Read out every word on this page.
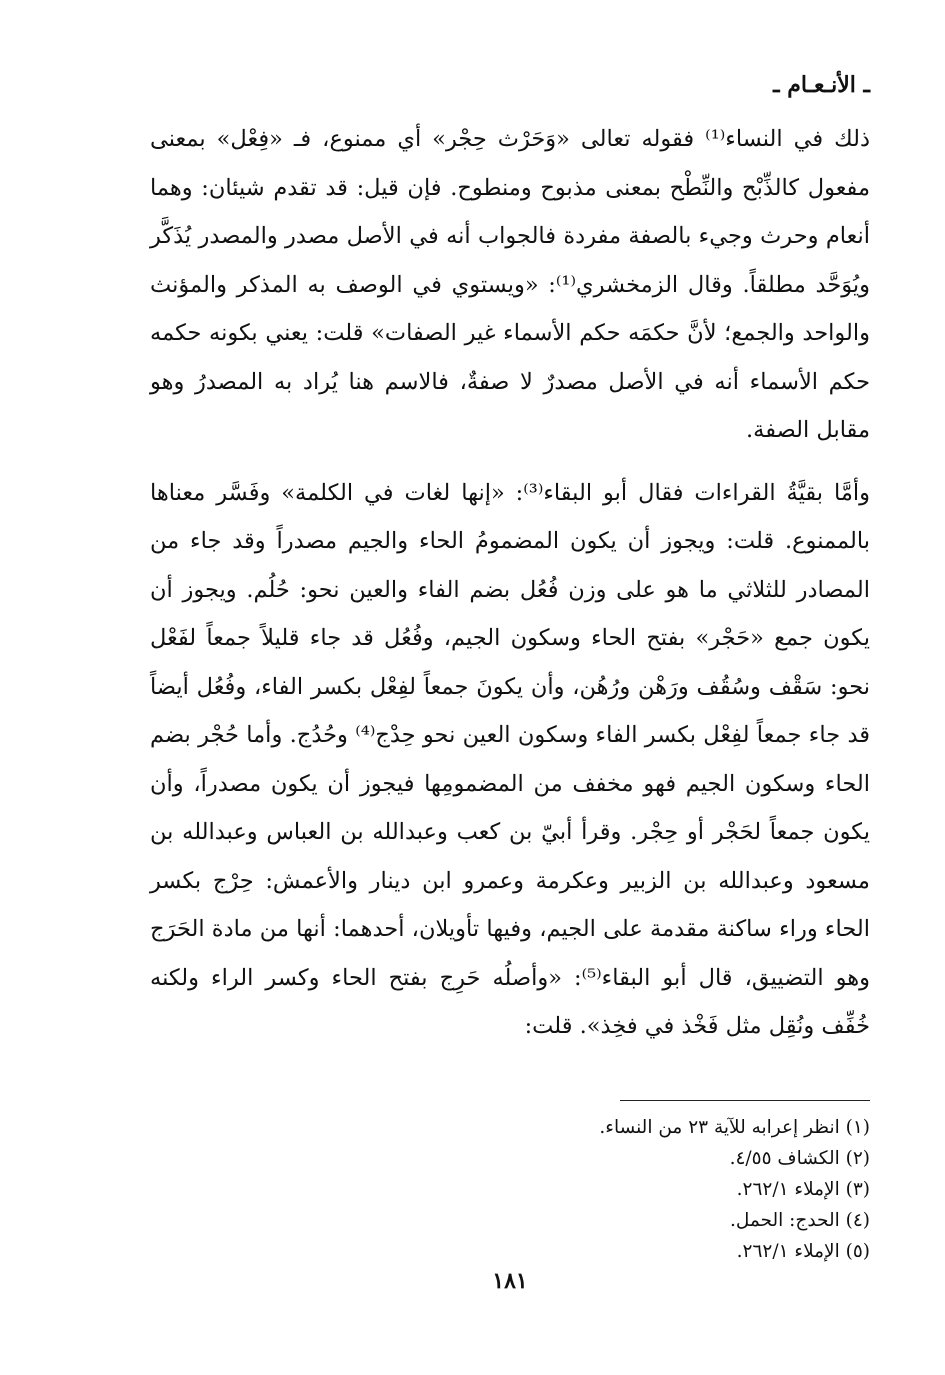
ـ الأنـعـام ـ

ذلك في النساء⁽¹⁾ فقوله تعالى «وَحَرْث حِجْر» أي ممنوع، فـ «فِعْل» بمعنى مفعول كالذِّبْح والنِّطْح بمعنى مذبوح ومنطوح. فإن قيل: قد تقدم شيئان: وهما أنعام وحرث وجيء بالصفة مفردة فالجواب أنه في الأصل مصدر والمصدر يُذَكَّر ويُوَحَّد مطلقاً. وقال الزمخشري⁽¹⁾: «ويستوي في الوصف به المذكر والمؤنث والواحد والجمع؛ لأنَّ حكمَه حكم الأسماء غير الصفات» قلت: يعني بكونه حكمه حكم الأسماء أنه في الأصل مصدرٌ لا صفةٌ، فالاسم هنا يُراد به المصدرُ وهو مقابل الصفة.

وأمَّا بقيَّةُ القراءات فقال أبو البقاء⁽³⁾: «إنها لغات في الكلمة» وفَسَّر معناها بالممنوع. قلت: ويجوز أن يكون المضمومُ الحاء والجيم مصدراً وقد جاء من المصادر للثلاثي ما هو على وزن فُعُل بضم الفاء والعين نحو: حُلُم. ويجوز أن يكون جمع «حَجْر» بفتح الحاء وسكون الجيم، وفُعُل قد جاء قليلاً جمعاً لفَعْل نحو: سَقْف وسُقُف ورَهْن ورُهُن، وأن يكونَ جمعاً لفِعْل بكسر الفاء، وفُعُل أيضاً قد جاء جمعاً لفِعْل بكسر الفاء وسكون العين نحو حِدْج⁽⁴⁾ وحُدُج. وأما حُجْر بضم الحاء وسكون الجيم فهو مخفف من المضمومِها فيجوز أن يكون مصدراً، وأن يكون جمعاً لحَجْر أو حِجْر. وقرأ أبيّ بن كعب وعبدالله بن العباس وعبدالله بن مسعود وعبدالله بن الزبير وعكرمة وعمرو ابن دينار والأعمش: حِرْج بكسر الحاء وراء ساكنة مقدمة على الجيم، وفيها تأويلان، أحدهما: أنها من مادة الحَرَج وهو التضييق، قال أبو البقاء⁽⁵⁾: «وأصلُه حَرِج بفتح الحاء وكسر الراء ولكنه خُفِّف ونُقِل مثل فَخْذ في فخِذ». قلت:

(١) انظر إعرابه للآية ٢٣ من النساء.
(٢) الكشاف ٤/٥٥.
(٣) الإملاء ٢٦٢/١.
(٤) الحدج: الحمل.
(٥) الإملاء ٢٦٢/١.
١٨١
